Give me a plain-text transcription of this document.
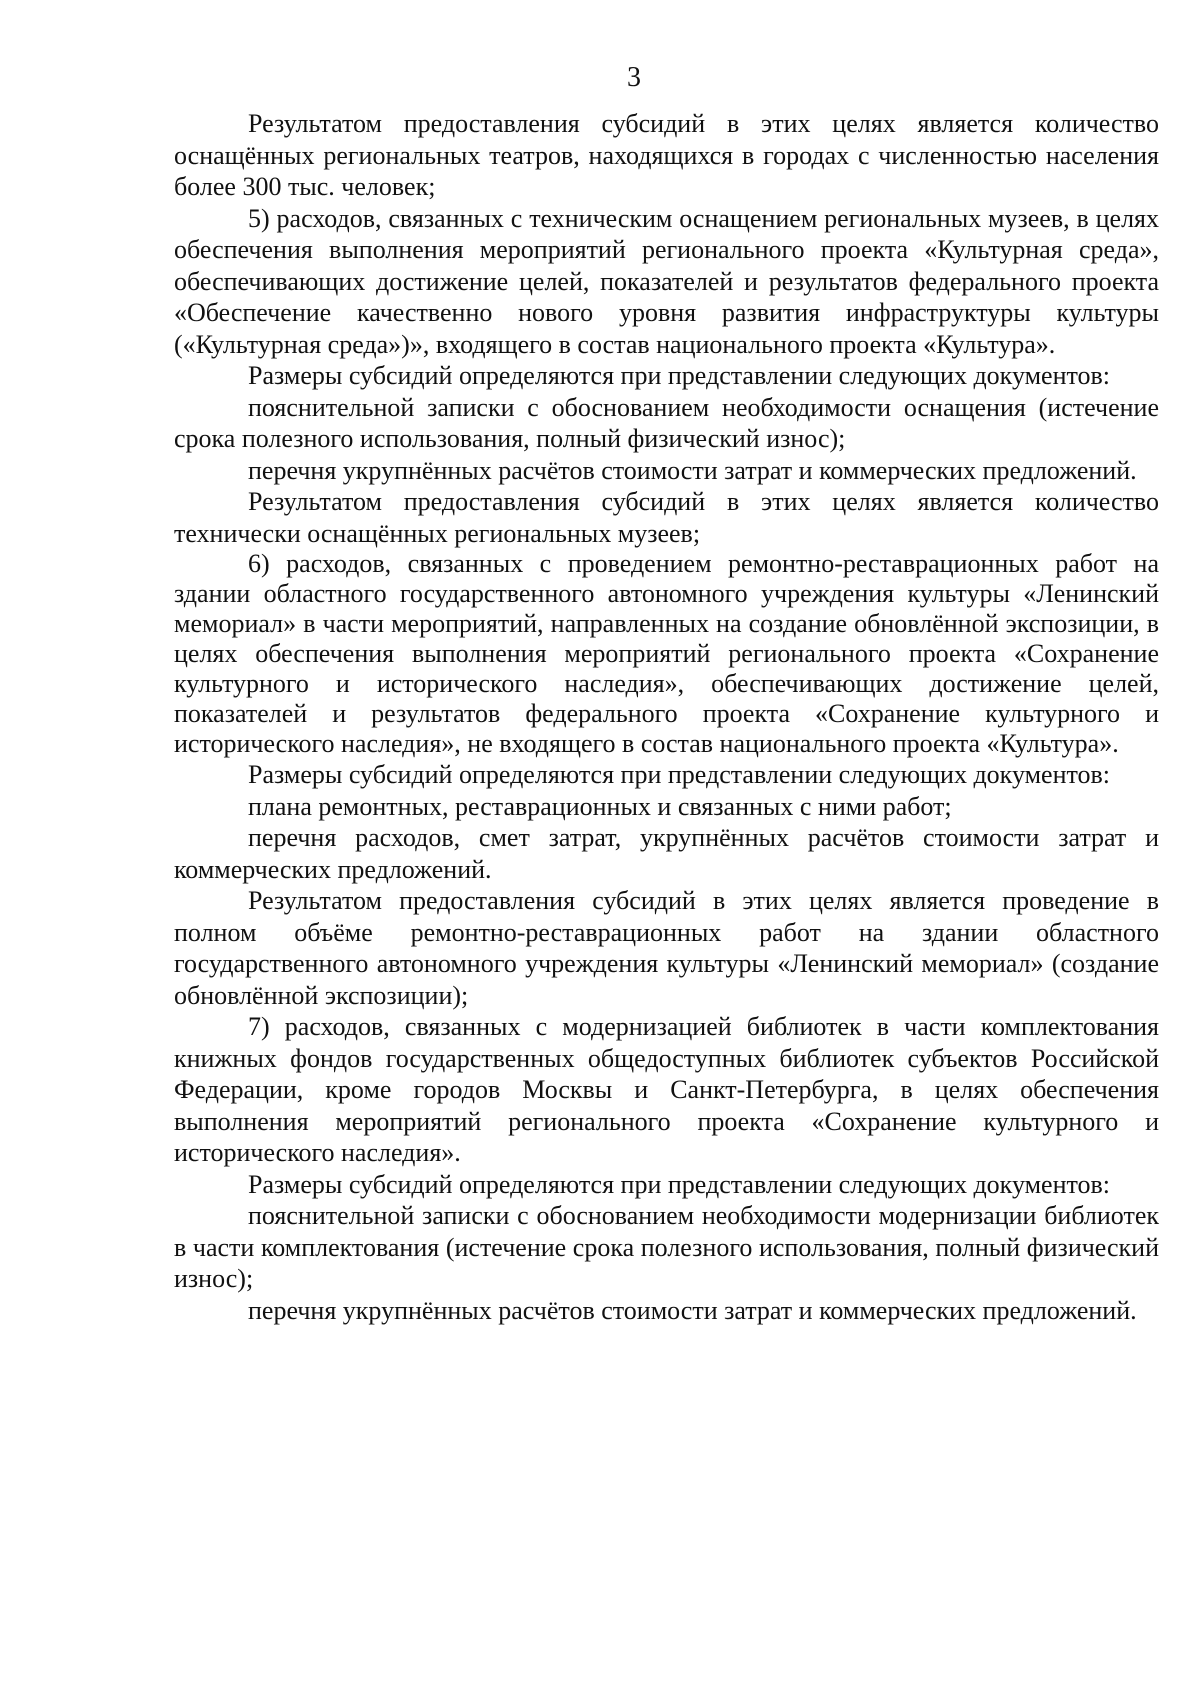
3

Результатом предоставления субсидий в этих целях является количество оснащённых региональных театров, находящихся в городах с численностью населения более 300 тыс. человек;

5) расходов, связанных с техническим оснащением региональных музеев, в целях обеспечения выполнения мероприятий регионального проекта «Культурная среда», обеспечивающих достижение целей, показателей и результатов федерального проекта «Обеспечение качественно нового уровня развития инфраструктуры культуры («Культурная среда»)», входящего в состав национального проекта «Культура».

Размеры субсидий определяются при представлении следующих документов:

пояснительной записки с обоснованием необходимости оснащения (истечение срока полезного использования, полный физический износ);

перечня укрупнённых расчётов стоимости затрат и коммерческих предложений.

Результатом предоставления субсидий в этих целях является количество технически оснащённых региональных музеев;

6) расходов, связанных с проведением ремонтно-реставрационных работ на здании областного государственного автономного учреждения культуры «Ленинский мемориал» в части мероприятий, направленных на создание обновлённой экспозиции, в целях обеспечения выполнения мероприятий регионального проекта «Сохранение культурного и исторического наследия», обеспечивающих достижение целей, показателей и результатов федерального проекта «Сохранение культурного и исторического наследия», не входящего в состав национального проекта «Культура».

Размеры субсидий определяются при представлении следующих документов:

плана ремонтных, реставрационных и связанных с ними работ;

перечня расходов, смет затрат, укрупнённых расчётов стоимости затрат и коммерческих предложений.

Результатом предоставления субсидий в этих целях является проведение в полном объёме ремонтно-реставрационных работ на здании областного государственного автономного учреждения культуры «Ленинский мемориал» (создание обновлённой экспозиции);

7) расходов, связанных с модернизацией библиотек в части комплектования книжных фондов государственных общедоступных библиотек субъектов Российской Федерации, кроме городов Москвы и Санкт-Петербурга, в целях обеспечения выполнения мероприятий регионального проекта «Сохранение культурного и исторического наследия».

Размеры субсидий определяются при представлении следующих документов:

пояснительной записки с обоснованием необходимости модернизации библиотек в части комплектования (истечение срока полезного использования, полный физический износ);

перечня укрупнённых расчётов стоимости затрат и коммерческих предложений.
